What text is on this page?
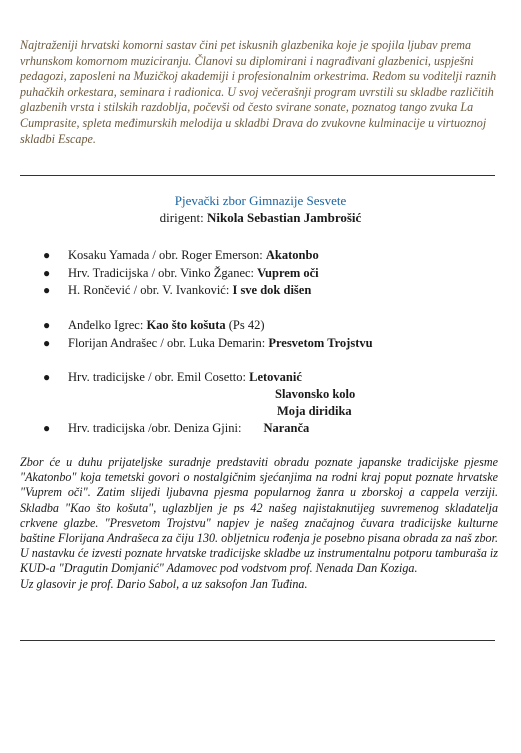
Najtraženiji hrvatski komorni sastav čini pet iskusnih glazbenika koje je spojila ljubav prema vrhunskom komornom muziciranju. Članovi su diplomirani i nagrađivani glazbenici, uspješni pedagozi, zaposleni na Muzičkoj akademiji i profesionalnim orkestrima. Redom su voditelji raznih puhačkih orkestara, seminara i radionica. U svoj večerašnji program uvrstili su skladbe različitih glazbenih vrsta i stilskih razdoblja, počevši od često svirane sonate, poznatog tango zvuka La Cumprasite, spleta međimurskih melodija u skladbi Drava do zvukovne kulminacije u virtuoznoj skladbi Escape.

Pjevački zbor Gimnazije Sesvete
dirigent: Nikola Sebastian Jambrošić
● Kosaku Yamada / obr. Roger Emerson: Akatonbo
● Hrv. Tradicijska / obr. Vinko Žganec: Vuprem oči
● H. Rončević / obr. V. Ivanković: I sve dok dišen
● Anđelko Igrec: Kao što košuta (Ps 42)
● Florijan Andrašec / obr. Luka Demarin: Presvetom Trojstvu
● Hrv. tradicijske / obr. Emil Cosetto: Letovanić
Slavonsko kolo
Moja diridika
● Hrv. tradicijska /obr. Deniza Gjini: Naranča

Zbor će u duhu prijateljske suradnje predstaviti obradu poznate japanske tradicijske pjesme "Akatonbo" koja temetski govori o nostalgičnim sjećanjima na rodni kraj poput poznate hrvatske "Vuprem oči". Zatim slijedi ljubavna pjesma popularnog žanra u zborskoj a cappela verziji. Skladba "Kao što košuta", uglazbljen je ps 42 našeg najistaknutijeg suvremenog skladatelja crkvene glazbe. "Presvetom Trojstvu" napjev je našeg značajnog čuvara tradicijske kulturne baštine Florijana Andrašeca za čiju 130. obljetnicu rođenja je posebno pisana obrada za naš zbor. U nastavku će izvesti poznate hrvatske tradicijske skladbe uz instrumentalnu potporu tamburaša iz KUD-a "Dragutin Domjanić" Adamovec pod vodstvom prof. Nenada Dan Koziga.
Uz glasovir je prof. Dario Sabol, a uz saksofon Jan Tuđina.
